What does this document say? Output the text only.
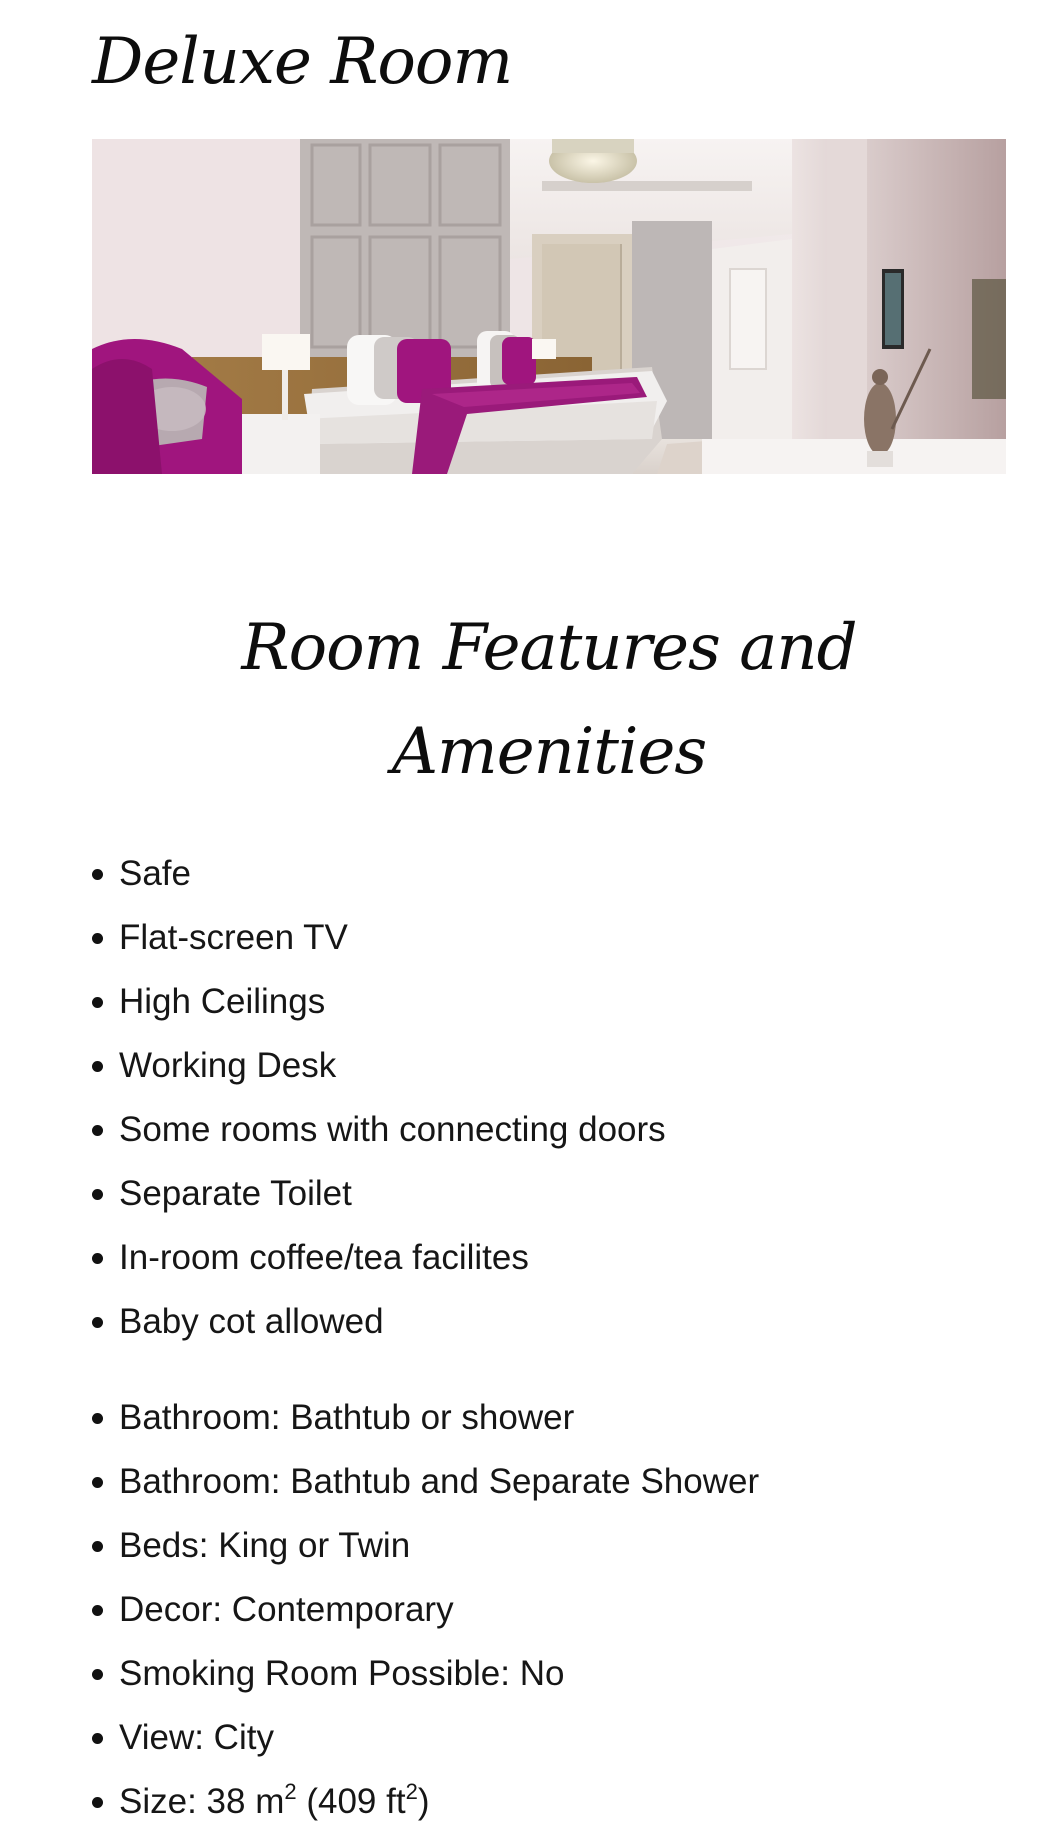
Deluxe Room
Room Features and
Amenities
Safe
Flat-screen TV
High Ceilings
Working Desk
Some rooms with connecting doors
Separate Toilet
In-room coffee/tea facilites
Baby cot allowed
Bathroom: Bathtub or shower
Bathroom: Bathtub and Separate Shower
Beds: King or Twin
Decor: Contemporary
Smoking Room Possible: No
View: City
Size: 38 $m^2$ (409 $ft^2$)
